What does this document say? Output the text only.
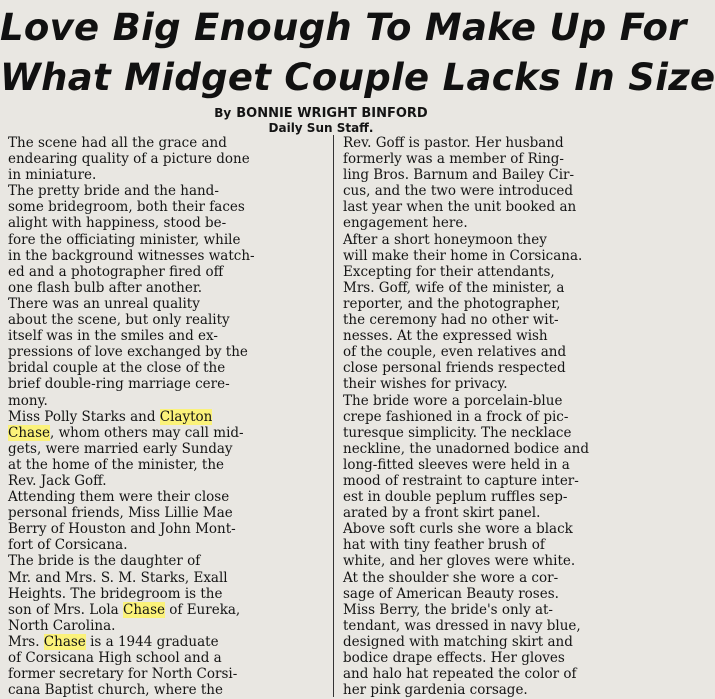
Love Big Enough To Make Up For
What Midget Couple Lacks In Size
By BONNIE WRIGHT BINFORD
Daily Sun Staff.
The scene had all the grace and
endearing quality of a picture done
in miniature.
The pretty bride and the hand-
some bridegroom, both their faces
alight with happiness, stood be-
fore the officiating minister, while
in the background witnesses watch-
ed and a photographer fired off
one flash bulb after another.
There was an unreal quality
about the scene, but only reality
itself was in the smiles and ex-
pressions of love exchanged by the
bridal couple at the close of the
brief double-ring marriage cere-
mony.
Miss Polly Starks and Clayton
Chase, whom others may call mid-
gets, were married early Sunday
at the home of the minister, the
Rev. Jack Goff.
Attending them were their close
personal friends, Miss Lillie Mae
Berry of Houston and John Mont-
fort of Corsicana.
The bride is the daughter of
Mr. and Mrs. S. M. Starks, Exall
Heights. The bridegroom is the
son of Mrs. Lola Chase of Eureka,
North Carolina.
Mrs. Chase is a 1944 graduate
of Corsicana High school and a
former secretary for North Corsi-
cana Baptist church, where the
Rev. Goff is pastor. Her husband
formerly was a member of Ring-
ling Bros. Barnum and Bailey Cir-
cus, and the two were introduced
last year when the unit booked an
engagement here.
After a short honeymoon they
will make their home in Corsicana.
Excepting for their attendants,
Mrs. Goff, wife of the minister, a
reporter, and the photographer,
the ceremony had no other wit-
nesses. At the expressed wish
of the couple, even relatives and
close personal friends respected
their wishes for privacy.
The bride wore a porcelain-blue
crepe fashioned in a frock of pic-
turesque simplicity. The necklace
neckline, the unadorned bodice and
long-fitted sleeves were held in a
mood of restraint to capture inter-
est in double peplum ruffles sep-
arated by a front skirt panel.
Above soft curls she wore a black
hat with tiny feather brush of
white, and her gloves were white.
At the shoulder she wore a cor-
sage of American Beauty roses.
Miss Berry, the bride's only at-
tendant, was dressed in navy blue,
designed with matching skirt and
bodice drape effects. Her gloves
and halo hat repeated the color of
her pink gardenia corsage.
